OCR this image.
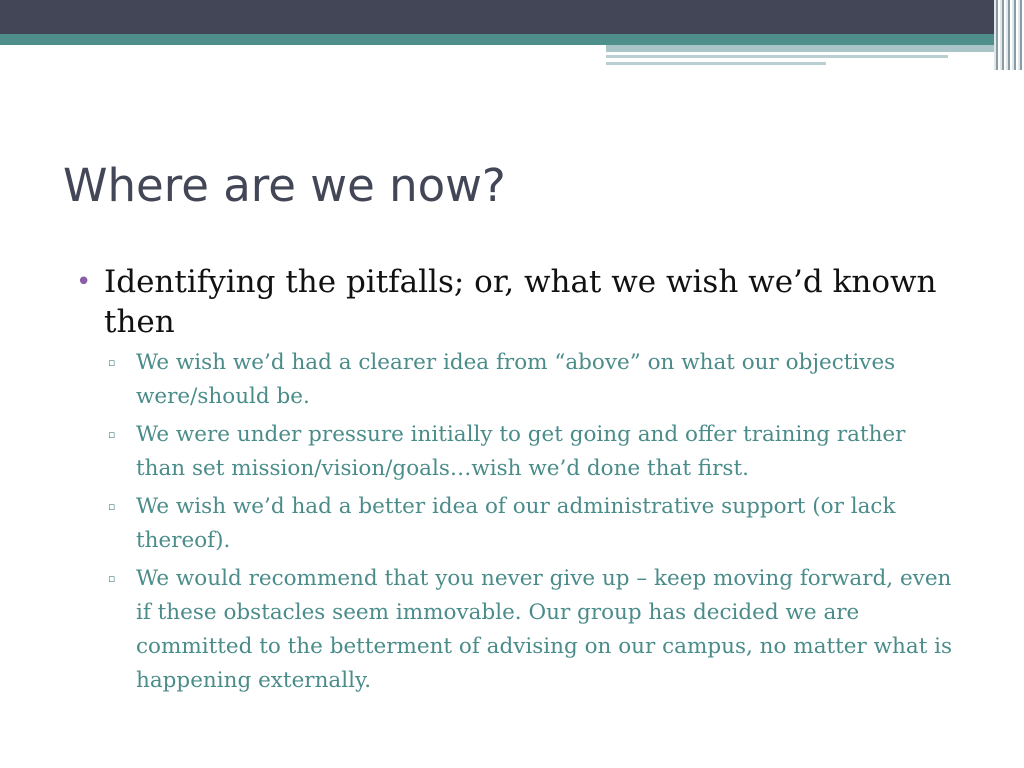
Where are we now?
• Identifying the pitfalls; or, what we wish we’d known then
▫ We wish we’d had a clearer idea from “above” on what our objectives were/should be.
▫ We were under pressure initially to get going and offer training rather than set mission/vision/goals…wish we’d done that first.
▫ We wish we’d had a better idea of our administrative support (or lack thereof).
▫ We would recommend that you never give up – keep moving forward, even if these obstacles seem immovable. Our group has decided we are committed to the betterment of advising on our campus, no matter what is happening externally.
